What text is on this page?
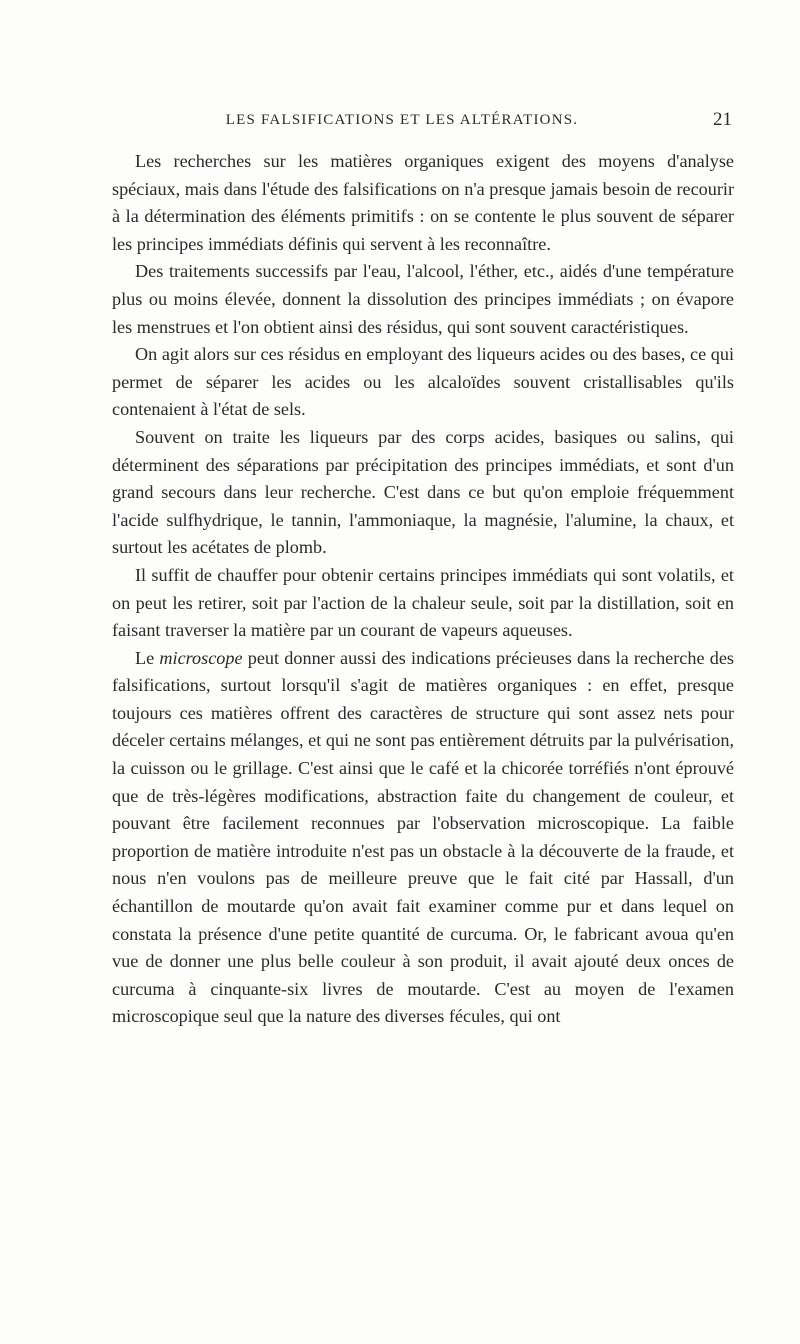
LES FALSIFICATIONS ET LES ALTÉRATIONS.	21

Les recherches sur les matières organiques exigent des moyens d'analyse spéciaux, mais dans l'étude des falsifications on n'a presque jamais besoin de recourir à la détermination des éléments primitifs : on se contente le plus souvent de séparer les principes immédiats définis qui servent à les reconnaître.

Des traitements successifs par l'eau, l'alcool, l'éther, etc., aidés d'une température plus ou moins élevée, donnent la dissolution des principes immédiats ; on évapore les menstrues et l'on obtient ainsi des résidus, qui sont souvent caractéristiques.

On agit alors sur ces résidus en employant des liqueurs acides ou des bases, ce qui permet de séparer les acides ou les alcaloïdes souvent cristallisables qu'ils contenaient à l'état de sels.

Souvent on traite les liqueurs par des corps acides, basiques ou salins, qui déterminent des séparations par précipitation des principes immédiats, et sont d'un grand secours dans leur recherche. C'est dans ce but qu'on emploie fréquemment l'acide sulfhydrique, le tannin, l'ammoniaque, la magnésie, l'alumine, la chaux, et surtout les acétates de plomb.

Il suffit de chauffer pour obtenir certains principes immédiats qui sont volatils, et on peut les retirer, soit par l'action de la chaleur seule, soit par la distillation, soit en faisant traverser la matière par un courant de vapeurs aqueuses.

Le microscope peut donner aussi des indications précieuses dans la recherche des falsifications, surtout lorsqu'il s'agit de matières organiques : en effet, presque toujours ces matières offrent des caractères de structure qui sont assez nets pour déceler certains mélanges, et qui ne sont pas entièrement détruits par la pulvérisation, la cuisson ou le grillage. C'est ainsi que le café et la chicorée torréfiés n'ont éprouvé que de très-légères modifications, abstraction faite du changement de couleur, et pouvant être facilement reconnues par l'observation microscopique. La faible proportion de matière introduite n'est pas un obstacle à la découverte de la fraude, et nous n'en voulons pas de meilleure preuve que le fait cité par Hassall, d'un échantillon de moutarde qu'on avait fait examiner comme pur et dans lequel on constata la présence d'une petite quantité de curcuma. Or, le fabricant avoua qu'en vue de donner une plus belle couleur à son produit, il avait ajouté deux onces de curcuma à cinquante-six livres de moutarde. C'est au moyen de l'examen microscopique seul que la nature des diverses fécules, qui ont
